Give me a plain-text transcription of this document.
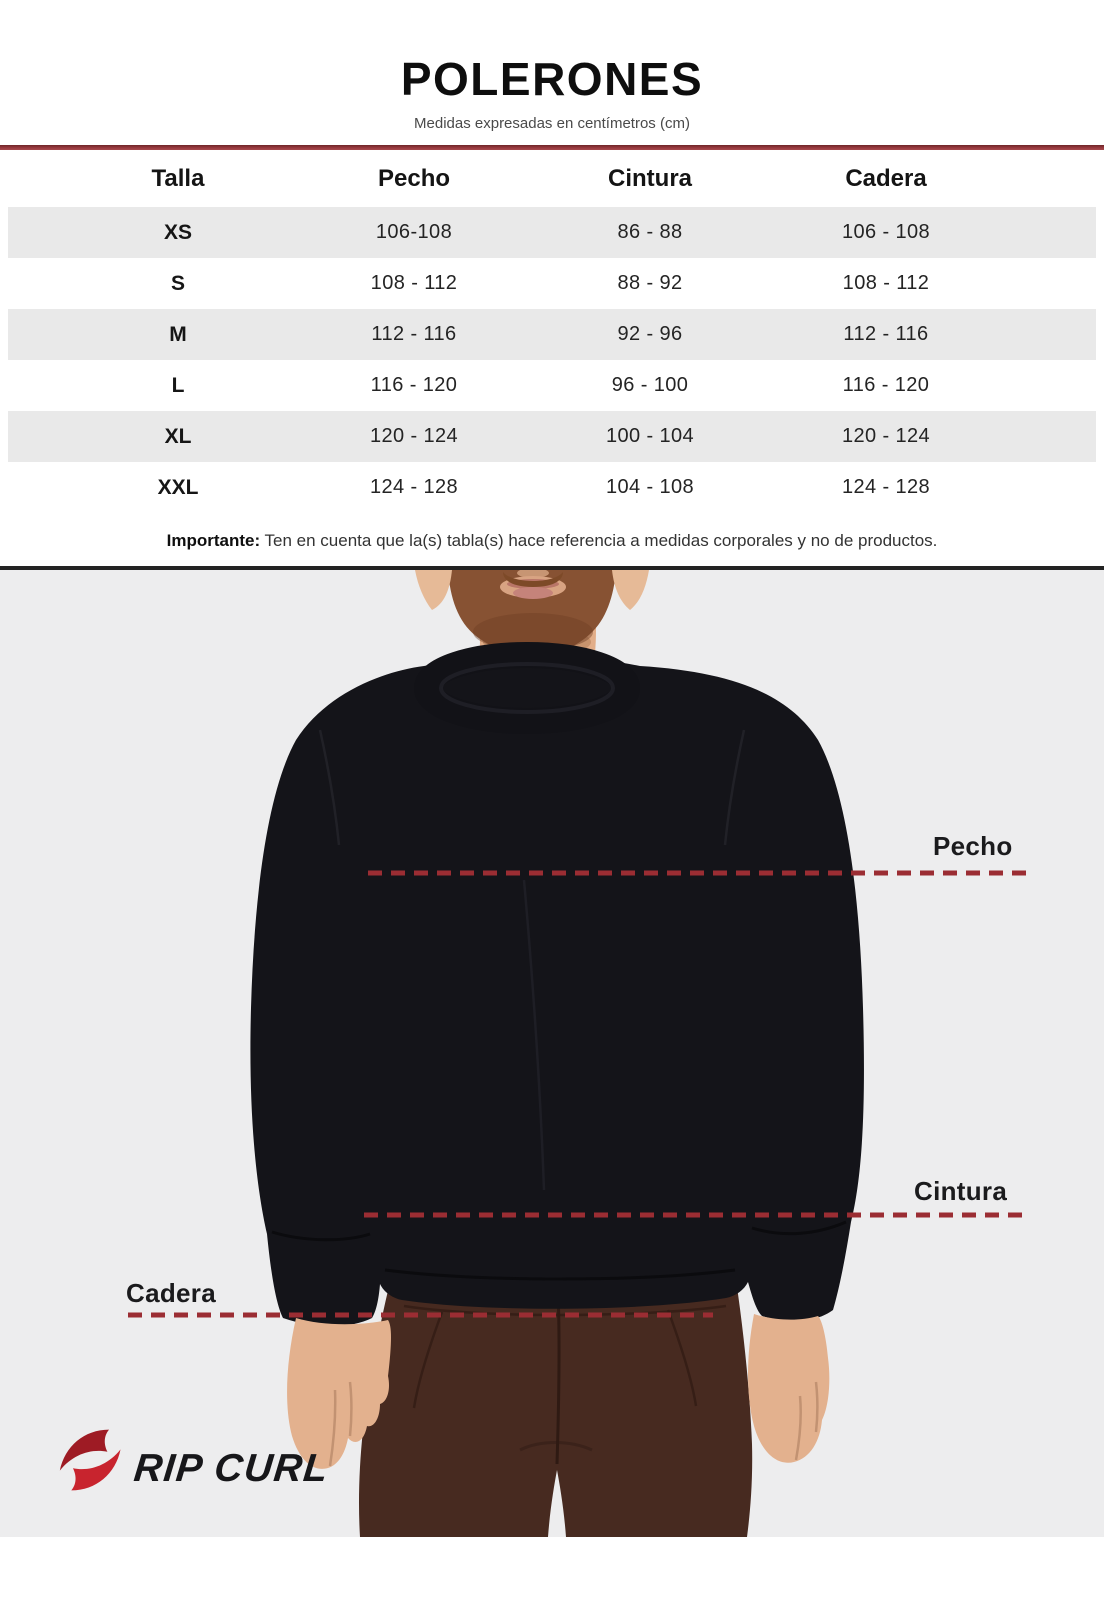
POLERONES
Medidas expresadas en centímetros (cm)
Talla	Pecho	Cintura	Cadera
XS	106-108	86 - 88	106 - 108
S	108 - 112	88 - 92	108 - 112
M	112 - 116	92 - 96	112 - 116
L	116 - 120	96 - 100	116 - 120
XL	120 - 124	100 - 104	120 - 124
XXL	124 - 128	104 - 108	124 - 128
Importante: Ten en cuenta que la(s) tabla(s) hace referencia a medidas corporales y no de productos.
Pecho
Cintura
Cadera
RIP CURL
